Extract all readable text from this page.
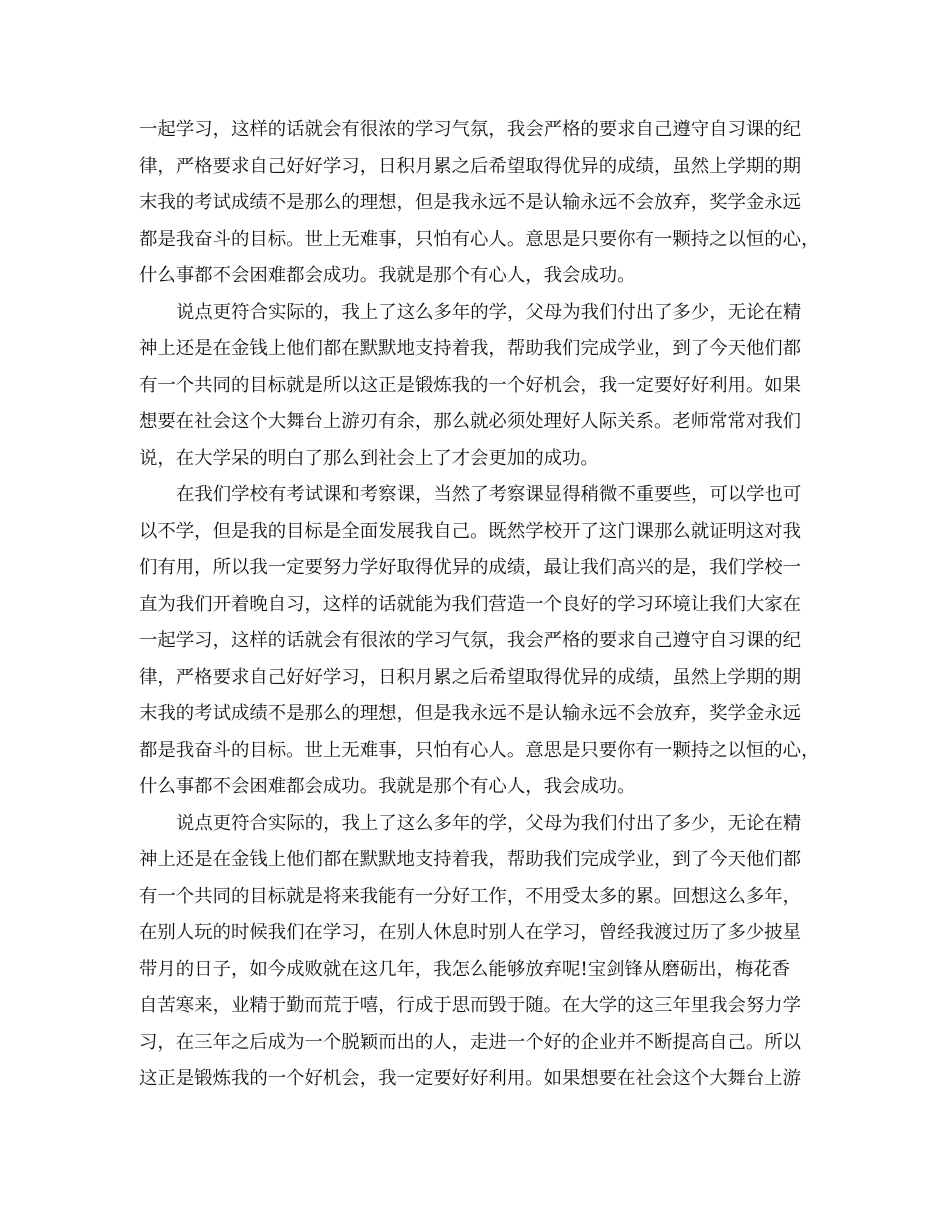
一起学习，这样的话就会有很浓的学习气氛，我会严格的要求自己遵守自习课的纪
律，严格要求自己好好学习，日积月累之后希望取得优异的成绩，虽然上学期的期
末我的考试成绩不是那么的理想，但是我永远不是认输永远不会放弃，奖学金永远
都是我奋斗的目标。世上无难事，只怕有心人。意思是只要你有一颗持之以恒的心，
什么事都不会困难都会成功。我就是那个有心人，我会成功。
说点更符合实际的，我上了这么多年的学，父母为我们付出了多少，无论在精
神上还是在金钱上他们都在默默地支持着我，帮助我们完成学业，到了今天他们都
有一个共同的目标就是所以这正是锻炼我的一个好机会，我一定要好好利用。如果
想要在社会这个大舞台上游刃有余，那么就必须处理好人际关系。老师常常对我们
说，在大学呆的明白了那么到社会上了才会更加的成功。
在我们学校有考试课和考察课，当然了考察课显得稍微不重要些，可以学也可
以不学，但是我的目标是全面发展我自己。既然学校开了这门课那么就证明这对我
们有用，所以我一定要努力学好取得优异的成绩，最让我们高兴的是，我们学校一
直为我们开着晚自习，这样的话就能为我们营造一个良好的学习环境让我们大家在
一起学习，这样的话就会有很浓的学习气氛，我会严格的要求自己遵守自习课的纪
律，严格要求自己好好学习，日积月累之后希望取得优异的成绩，虽然上学期的期
末我的考试成绩不是那么的理想，但是我永远不是认输永远不会放弃，奖学金永远
都是我奋斗的目标。世上无难事，只怕有心人。意思是只要你有一颗持之以恒的心，
什么事都不会困难都会成功。我就是那个有心人，我会成功。
说点更符合实际的，我上了这么多年的学，父母为我们付出了多少，无论在精
神上还是在金钱上他们都在默默地支持着我，帮助我们完成学业，到了今天他们都
有一个共同的目标就是将来我能有一分好工作，不用受太多的累。回想这么多年，
在别人玩的时候我们在学习，在别人休息时别人在学习，曾经我渡过历了多少披星
带月的日子，如今成败就在这几年，我怎么能够放弃呢!宝剑锋从磨砺出，梅花香
自苦寒来，业精于勤而荒于嘻，行成于思而毁于随。在大学的这三年里我会努力学
习，在三年之后成为一个脱颖而出的人，走进一个好的企业并不断提高自己。所以
这正是锻炼我的一个好机会，我一定要好好利用。如果想要在社会这个大舞台上游
